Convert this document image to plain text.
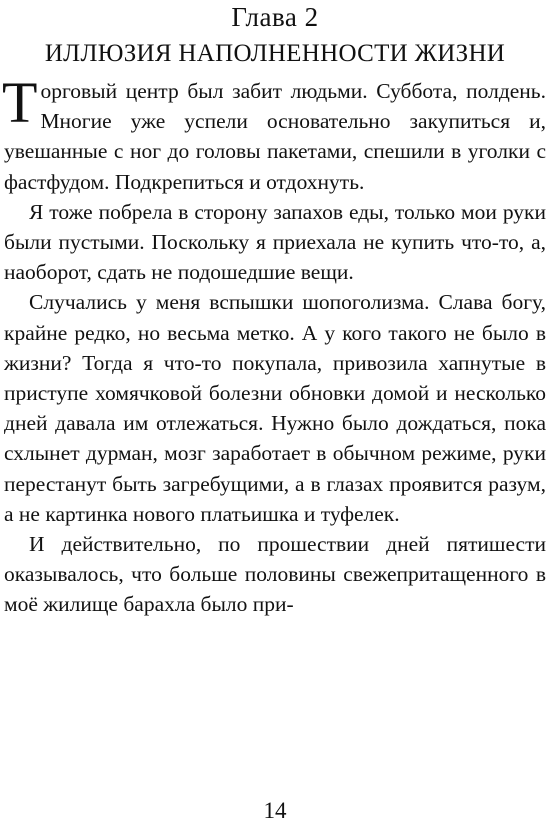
Глава 2
ИЛЛЮЗИЯ НАПОЛНЕННОСТИ ЖИЗНИ

Торговый центр был забит людьми. Суббота, полдень. Многие уже успели основательно закупиться и, увешанные с ног до головы пакетами, спешили в уголки с фастфудом. Подкрепиться и отдохнуть.

Я тоже побрела в сторону запахов еды, только мои руки были пустыми. Поскольку я приехала не купить что-то, а, наоборот, сдать не подошедшие вещи.

Случались у меня вспышки шопоголизма. Слава богу, крайне редко, но весьма метко. А у кого такого не было в жизни? Тогда я что-то покупала, привозила хапнутые в приступе хомячковой болезни обновки домой и несколько дней давала им отлежаться. Нужно было дождаться, пока схлынет дурман, мозг заработает в обычном режиме, руки перестанут быть загребущими, а в глазах проявится разум, а не картинка нового платьишка и туфелек.

И действительно, по прошествии дней пятишести оказывалось, что больше половины свежепритащенного в моё жилище барахла было при-

14
